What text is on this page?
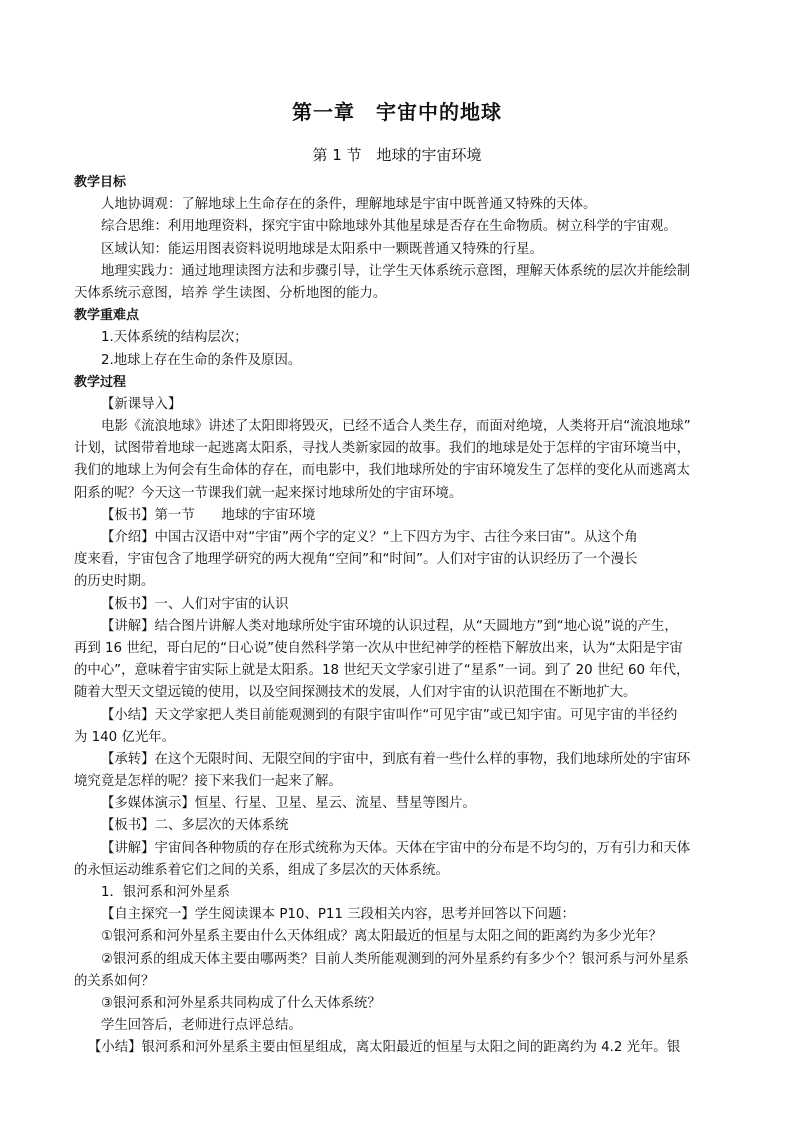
第一章　宇宙中的地球
第 1 节　地球的宇宙环境
教学目标
人地协调观：了解地球上生命存在的条件，理解地球是宇宙中既普通又特殊的天体。
综合思维：利用地理资料，探究宇宙中除地球外其他星球是否存在生命物质。树立科学的宇宙观。
区域认知：能运用图表资料说明地球是太阳系中一颗既普通又特殊的行星。
地理实践力：通过地理读图方法和步骤引导，让学生天体系统示意图，理解天体系统的层次并能绘制
天体系统示意图，培养 学生读图、分析地图的能力。
教学重难点
1.天体系统的结构层次；
2.地球上存在生命的条件及原因。
教学过程
【新课导入】
电影《流浪地球》讲述了太阳即将毁灭，已经不适合人类生存，而面对绝境，人类将开启“流浪地球”
计划，试图带着地球一起逃离太阳系，寻找人类新家园的故事。我们的地球是处于怎样的宇宙环境当中，
我们的地球上为何会有生命体的存在，而电影中，我们地球所处的宇宙环境发生了怎样的变化从而逃离太
阳系的呢？今天这一节课我们就一起来探讨地球所处的宇宙环境。
【板书】第一节　　地球的宇宙环境
【介绍】中国古汉语中对“宇宙”两个字的定义？“上下四方为宇、古往今来曰宙”。从这个角
度来看，宇宙包含了地理学研究的两大视角“空间”和“时间”。人们对宇宙的认识经历了一个漫长
的历史时期。
【板书】一、人们对宇宙的认识
【讲解】结合图片讲解人类对地球所处宇宙环境的认识过程，从“天圆地方”到“地心说”说的产生，
再到 16 世纪，哥白尼的“日心说”使自然科学第一次从中世纪神学的桎梏下解放出来，认为“太阳是宇宙
的中心”，意味着宇宙实际上就是太阳系。18 世纪天文学家引进了“星系”一词。到了 20 世纪 60 年代，
随着大型天文望远镜的使用，以及空间探测技术的发展，人们对宇宙的认识范围在不断地扩大。
【小结】天文学家把人类目前能观测到的有限宇宙叫作“可见宇宙”或已知宇宙。可见宇宙的半径约
为 140 亿光年。
【承转】在这个无限时间、无限空间的宇宙中，到底有着一些什么样的事物，我们地球所处的宇宙环
境究竟是怎样的呢？接下来我们一起来了解。
【多媒体演示】恒星、行星、卫星、星云、流星、彗星等图片。
【板书】二、多层次的天体系统
【讲解】宇宙间各种物质的存在形式统称为天体。天体在宇宙中的分布是不均匀的，万有引力和天体
的永恒运动维系着它们之间的关系，组成了多层次的天体系统。
1．银河系和河外星系
【自主探究一】学生阅读课本 P10、P11 三段相关内容，思考并回答以下问题：
①银河系和河外星系主要由什么天体组成？离太阳最近的恒星与太阳之间的距离约为多少光年？
②银河系的组成天体主要由哪两类？目前人类所能观测到的河外星系约有多少个？银河系与河外星系
的关系如何？
③银河系和河外星系共同构成了什么天体系统？
学生回答后，老师进行点评总结。
【小结】银河系和河外星系主要由恒星组成，离太阳最近的恒星与太阳之间的距离约为 4.2 光年。银
